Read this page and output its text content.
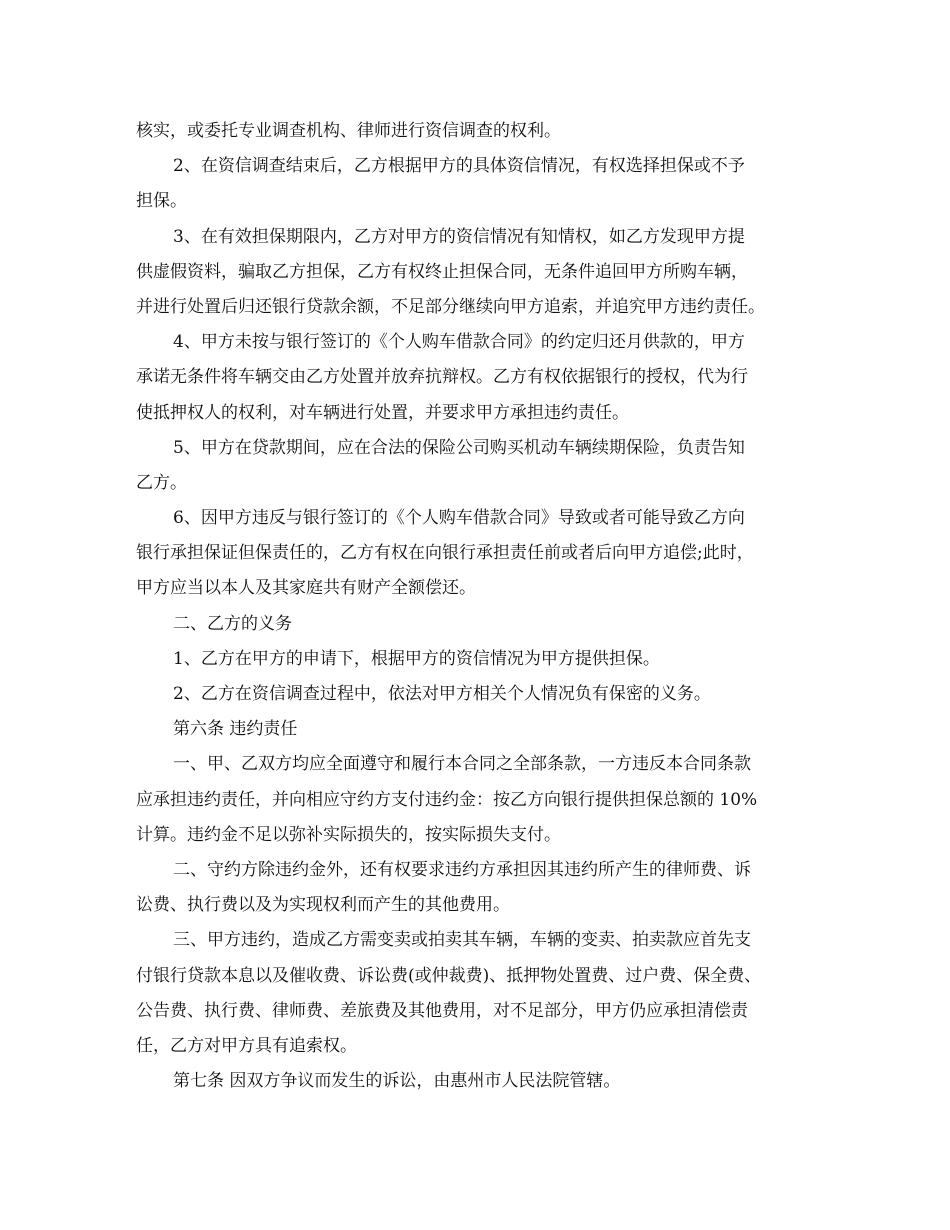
核实，或委托专业调查机构、律师进行资信调查的权利。
2、在资信调查结束后，乙方根据甲方的具体资信情况，有权选择担保或不予
担保。
3、在有效担保期限内，乙方对甲方的资信情况有知情权，如乙方发现甲方提
供虚假资料，骗取乙方担保，乙方有权终止担保合同，无条件追回甲方所购车辆，
并进行处置后归还银行贷款余额，不足部分继续向甲方追索，并追究甲方违约责任。
4、甲方未按与银行签订的《个人购车借款合同》的约定归还月供款的，甲方
承诺无条件将车辆交由乙方处置并放弃抗辩权。乙方有权依据银行的授权，代为行
使抵押权人的权利，对车辆进行处置，并要求甲方承担违约责任。
5、甲方在贷款期间，应在合法的保险公司购买机动车辆续期保险，负责告知
乙方。
6、因甲方违反与银行签订的《个人购车借款合同》导致或者可能导致乙方向
银行承担保证但保责任的，乙方有权在向银行承担责任前或者后向甲方追偿;此时，
甲方应当以本人及其家庭共有财产全额偿还。
二、乙方的义务
1、乙方在甲方的申请下，根据甲方的资信情况为甲方提供担保。
2、乙方在资信调查过程中，依法对甲方相关个人情况负有保密的义务。
第六条 违约责任
一、甲、乙双方均应全面遵守和履行本合同之全部条款，一方违反本合同条款
应承担违约责任，并向相应守约方支付违约金：按乙方向银行提供担保总额的 10%
计算。违约金不足以弥补实际损失的，按实际损失支付。
二、守约方除违约金外，还有权要求违约方承担因其违约所产生的律师费、诉
讼费、执行费以及为实现权利而产生的其他费用。
三、甲方违约，造成乙方需变卖或拍卖其车辆，车辆的变卖、拍卖款应首先支
付银行贷款本息以及催收费、诉讼费(或仲裁费)、抵押物处置费、过户费、保全费、
公告费、执行费、律师费、差旅费及其他费用，对不足部分，甲方仍应承担清偿责
任，乙方对甲方具有追索权。
第七条 因双方争议而发生的诉讼，由惠州市人民法院管辖。
